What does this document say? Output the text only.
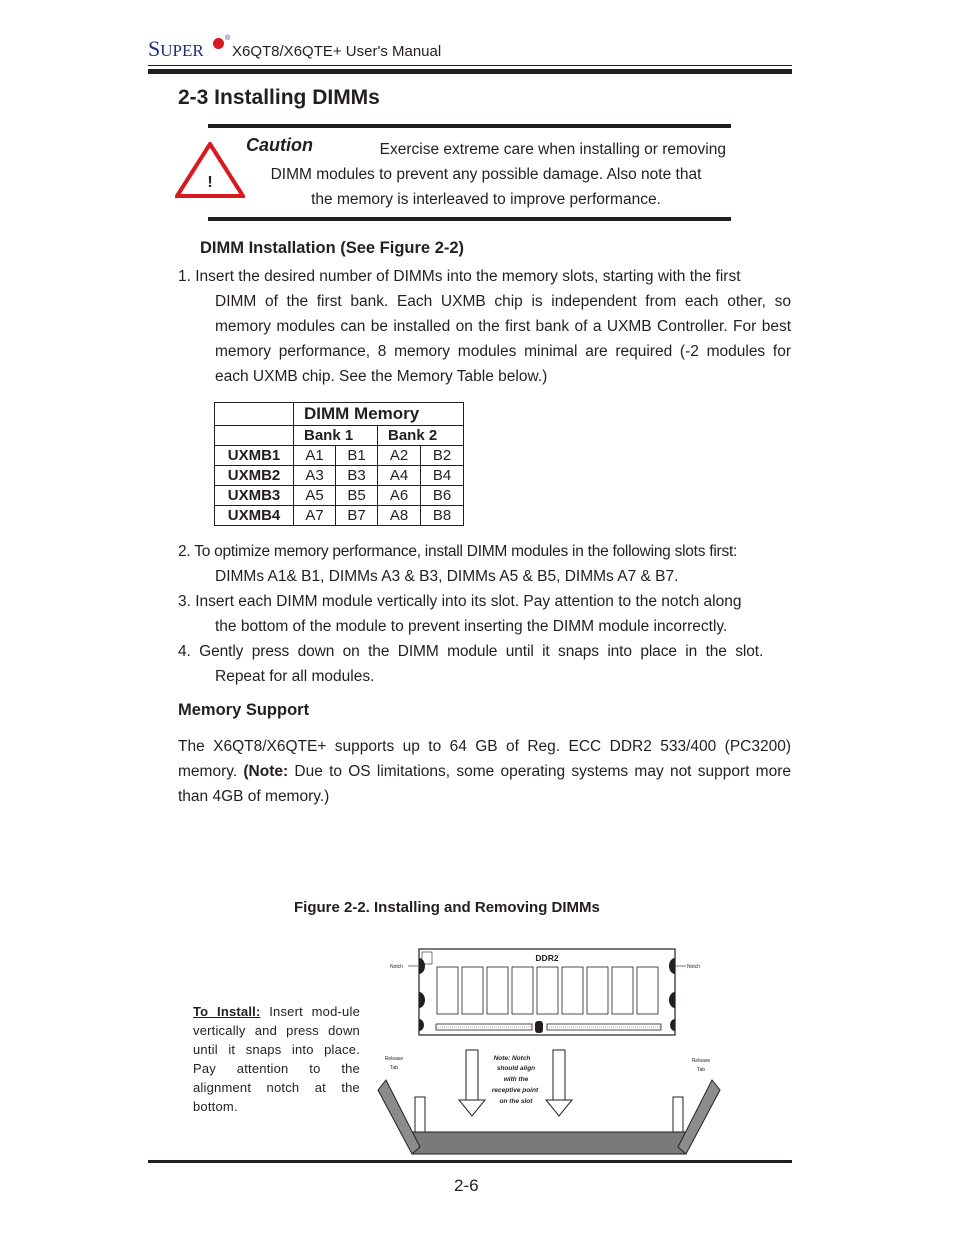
SUPER
®
X6QT8/X6QTE+ User's Manual
2-3 Installing DIMMs
!
Caution	Exercise extreme care when installing or removing
DIMM modules to prevent any possible damage. Also note that
the memory is interleaved to improve performance.
DIMM Installation (See Figure 2-2)
1. Insert the desired number of DIMMs into the memory slots, starting with the first
DIMM of the first bank. Each UXMB chip is independent from each other, so memory modules can be installed on the first bank of a UXMB Controller. For best memory performance, 8 memory modules minimal are required (-2 modules for each UXMB chip. See the Memory Table below.)
	DIMM Memory			
	Bank 1		Bank 2	
UXMB1	A1	B1	A2	B2
UXMB2	A3	B3	A4	B4
UXMB3	A5	B5	A6	B6
UXMB4	A7	B7	A8	B8
2. To optimize memory performance, install DIMM modules in the following slots first:
DIMMs A1& B1, DIMMs A3 & B3, DIMMs A5 & B5, DIMMs A7 & B7.
3. Insert each DIMM module vertically into its slot. Pay attention to the notch along
the bottom of the module to prevent inserting the DIMM module incorrectly.
4.  Gently  press  down  on  the  DIMM  module  until  it  snaps  into  place  in  the  slot.
Repeat for all modules.
Memory Support
The X6QT8/X6QTE+ supports up to 64 GB of Reg. ECC DDR2 533/400 (PC3200) memory. (Note: Due to OS limitations, some operating systems may not support more than 4GB of memory.)
Figure 2-2. Installing and Removing DIMMs
To Install: Insert mod-ule vertically and press down until it snaps into place. Pay attention to the alignment notch at the bottom.
DDR2
Notch	Notch
Note: Notch
should align
with the
receptive point
on the slot
Release
Tab
Release
Tab
2-6
